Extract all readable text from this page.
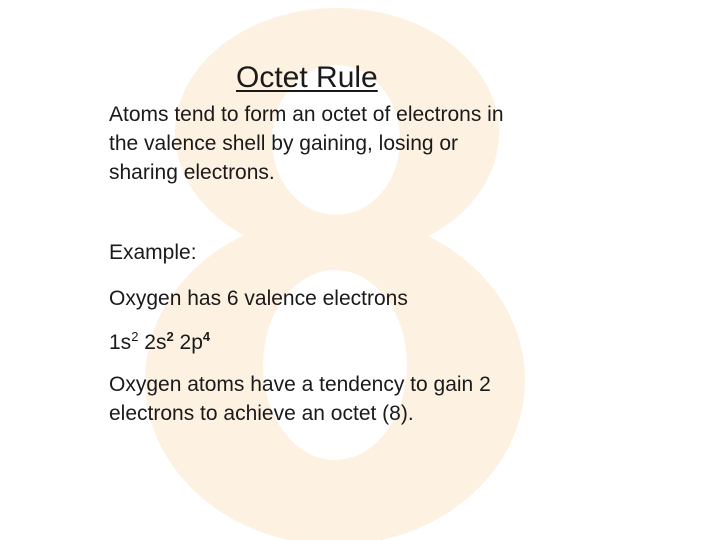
Octet Rule
Atoms tend to form an octet of electrons in
the valence shell by gaining, losing or
sharing electrons.
Example:
Oxygen has 6 valence electrons
$1s^2$ $2s^2$ $2p^4$
Oxygen atoms have a tendency to gain 2
electrons to achieve an octet (8).
